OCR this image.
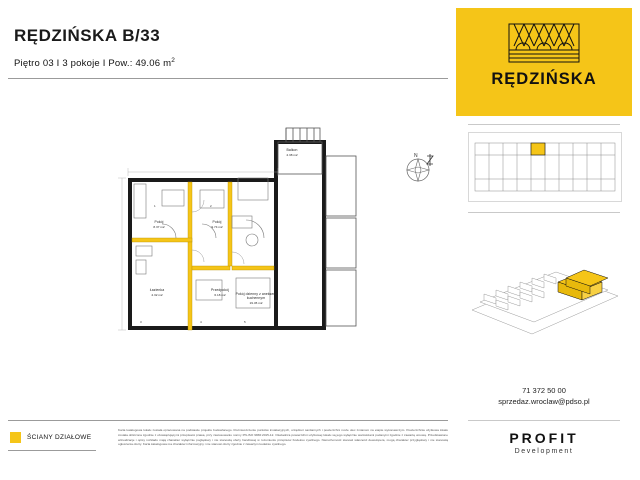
RĘDZIŃSKA B/33
Piętro 03 I 3 pokoje I Pow.: 49.06 $m^2$
RĘDZIŃSKA
N
Pokój
8.37 m2
Pokój
9.74 m2
Łazienka
4.32 m2
Przedpokój
6.18 m2	Pokój dzienny z aneksem kuchennym
19.45 m2
Balkon
4.38 m2
1	2
3	4	5
ŚCIANY DZIAŁOWE
Karta katalogowa lokalu została opracowana na podstawie projektu budowlanego. Rozmieszczenie punktów instalacyjnych, urządzeń sanitarnych i powierzchni może ulec zmianom na etapie wykonawczym. Powierzchnia użytkowa lokalu została obliczona zgodnie z obowiązującymi przepisami prawa, przy zastosowaniu normy PN-ISO 9836:2015-12. Oświadcza powierzchni użytkowej lokalu są jego wyłącznie wartościami podanymi zgodnie z zawartą umową. Przedstawione wizualizacje i opisy rozkładu mają charakter wyłącznie poglądowy i nie stanowią oferty handlowej w rozumieniu przepisów Kodeksu cywilnego. Nieruchomość stanowi własność dewelopera, mogą charakter przyglądowy i nie stanowią ogłoszenia oferty. Karta katalogowa ma charakter informacyjny i nie stanowi oferty zgodnie z zawartym kodeksu cywilnego.
71 372 50 00
sprzedaz.wroclaw@pdso.pl
PROFIT
Development
